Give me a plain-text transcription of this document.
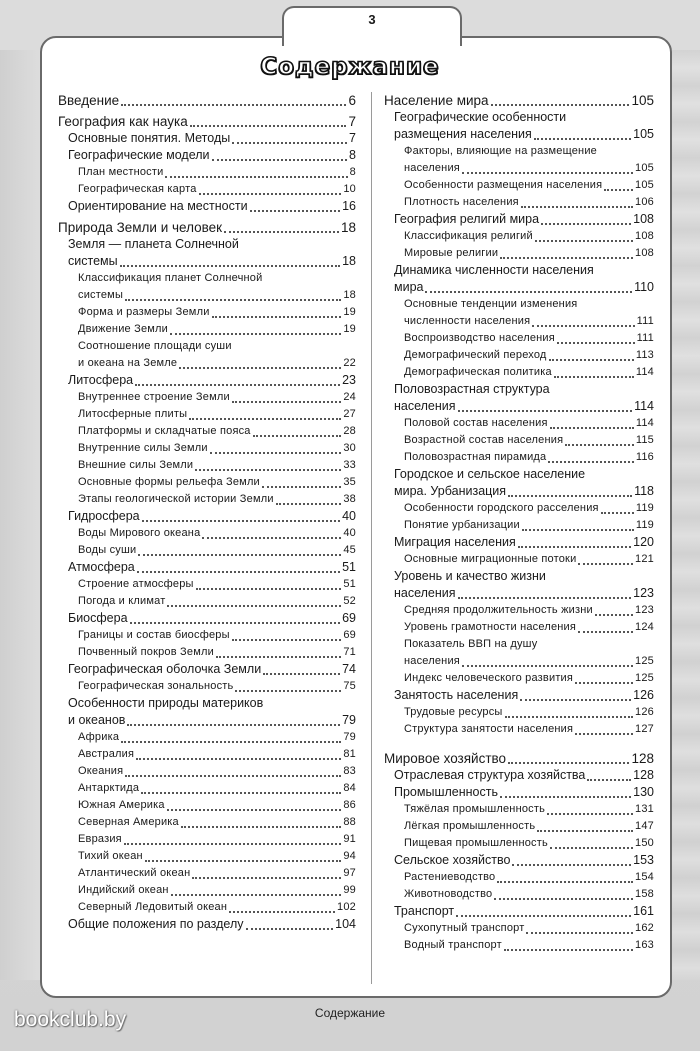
3
Содержание
Введение	6
География как наука	7
Основные понятия. Методы	7
Географические модели	8
План местности	8
Географическая карта	10
Ориентирование на местности	16
Природа Земли и человек	18
Земля — планета Солнечной
системы	18
Классификация планет Солнечной
системы	18
Форма и размеры Земли	19
Движение Земли	19
Соотношение площади суши
и океана на Земле	22
Литосфера	23
Внутреннее строение Земли	24
Литосферные плиты	27
Платформы и складчатые пояса	28
Внутренние силы Земли	30
Внешние силы Земли	33
Основные формы рельефа Земли	35
Этапы геологической истории Земли	38
Гидросфера	40
Воды Мирового океана	40
Воды суши	45
Атмосфера	51
Строение атмосферы	51
Погода и климат	52
Биосфера	69
Границы и состав биосферы	69
Почвенный покров Земли	71
Географическая оболочка Земли	74
Географическая зональность	75
Особенности природы материков
и океанов	79
Африка	79
Австралия	81
Океания	83
Антарктида	84
Южная Америка	86
Северная Америка	88
Евразия	91
Тихий океан	94
Атлантический океан	97
Индийский океан	99
Северный Ледовитый океан	102
Общие положения по разделу	104
Население мира	105
Географические особенности
размещения населения	105
Факторы, влияющие на размещение
населения	105
Особенности размещения населения	105
Плотность населения	106
География религий мира	108
Классификация религий	108
Мировые религии	108
Динамика численности населения
мира	110
Основные тенденции изменения
численности населения	111
Воспроизводство населения	111
Демографический переход	113
Демографическая политика	114
Половозрастная структура
населения	114
Половой состав населения	114
Возрастной состав населения	115
Половозрастная пирамида	116
Городское и сельское население
мира. Урбанизация	118
Особенности городского расселения	119
Понятие урбанизации	119
Миграция населения	120
Основные миграционные потоки	121
Уровень и качество жизни
населения	123
Средняя продолжительность жизни	123
Уровень грамотности населения	124
Показатель ВВП на душу
населения	125
Индекс человеческого развития	125
Занятость населения	126
Трудовые ресурсы	126
Структура занятости населения	127
Мировое хозяйство	128
Отраслевая структура хозяйства	128
Промышленность	130
Тяжёлая промышленность	131
Лёгкая промышленность	147
Пищевая промышленность	150
Сельское хозяйство	153
Растениеводство	154
Животноводство	158
Транспорт	161
Сухопутный транспорт	162
Водный транспорт	163
Содержание
bookclub.by
